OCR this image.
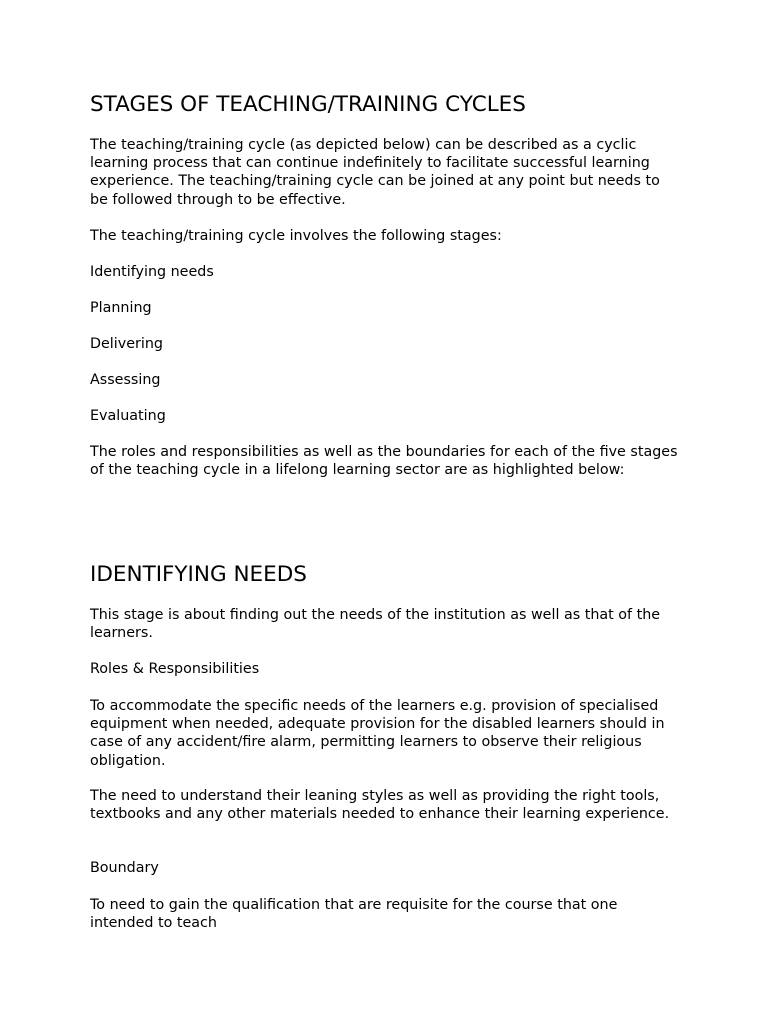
STAGES OF TEACHING/TRAINING CYCLES

The teaching/training cycle (as depicted below) can be described as a cyclic learning process that can continue indefinitely to facilitate successful learning experience. The teaching/training cycle can be joined at any point but needs to be followed through to be effective.

The teaching/training cycle involves the following stages:

Identifying needs

Planning

Delivering

Assessing

Evaluating

The roles and responsibilities as well as the boundaries for each of the five stages of the teaching cycle in a lifelong learning sector are as highlighted below:

IDENTIFYING NEEDS

This stage is about finding out the needs of the institution as well as that of the learners.

Roles & Responsibilities

To accommodate the specific needs of the learners e.g. provision of specialised equipment when needed, adequate provision for the disabled learners should in case of any accident/fire alarm, permitting learners to observe their religious obligation.

The need to understand their leaning styles as well as providing the right tools, textbooks and any other materials needed to enhance their learning experience.

Boundary

To need to gain the qualification that are requisite for the course that one intended to teach
